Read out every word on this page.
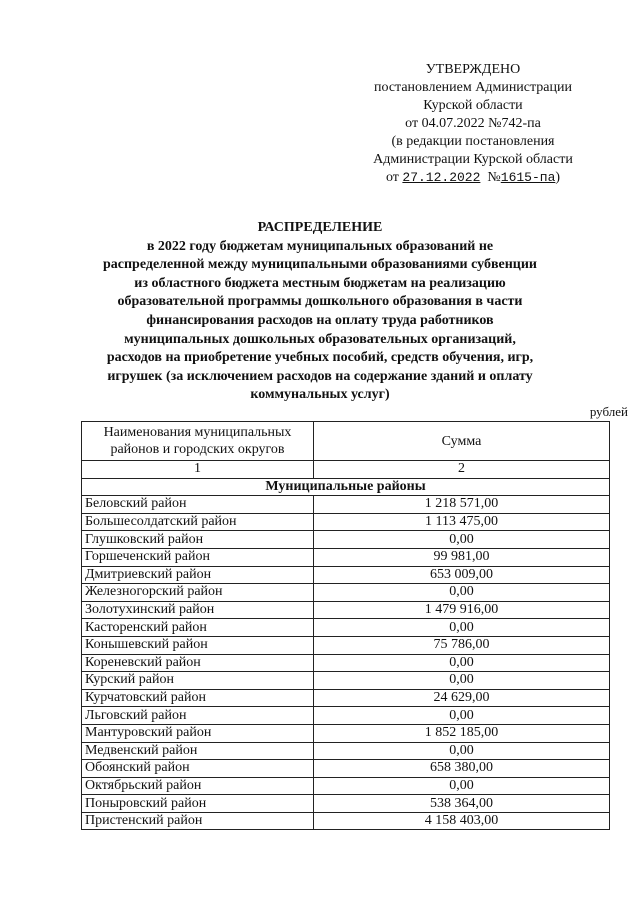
УТВЕРЖДЕНО
постановлением Администрации
Курской области
от 04.07.2022 №742-па
(в редакции постановления
Администрации Курской области
от 27.12.2022 №1615-па)
РАСПРЕДЕЛЕНИЕ
в 2022 году бюджетам муниципальных образований не
распределенной между муниципальными образованиями субвенции
из областного бюджета местным бюджетам на реализацию
образовательной программы дошкольного образования в части
финансирования расходов на оплату труда работников
муниципальных дошкольных образовательных организаций,
расходов на приобретение учебных пособий, средств обучения, игр,
игрушек (за исключением расходов на содержание зданий и оплату
коммунальных услуг)
рублей
Наименования муниципальных районов и городских округов	Сумма
1	2
Муниципальные районы	
Беловский район	1 218 571,00
Большесолдатский район	1 113 475,00
Глушковский район	0,00
Горшеченский район	99 981,00
Дмитриевский район	653 009,00
Железногорский район	0,00
Золотухинский район	1 479 916,00
Касторенский район	0,00
Конышевский район	75 786,00
Кореневский район	0,00
Курский район	0,00
Курчатовский район	24 629,00
Льговский район	0,00
Мантуровский район	1 852 185,00
Медвенский район	0,00
Обоянский район	658 380,00
Октябрьский район	0,00
Поныровский район	538 364,00
Пристенский район	4 158 403,00
